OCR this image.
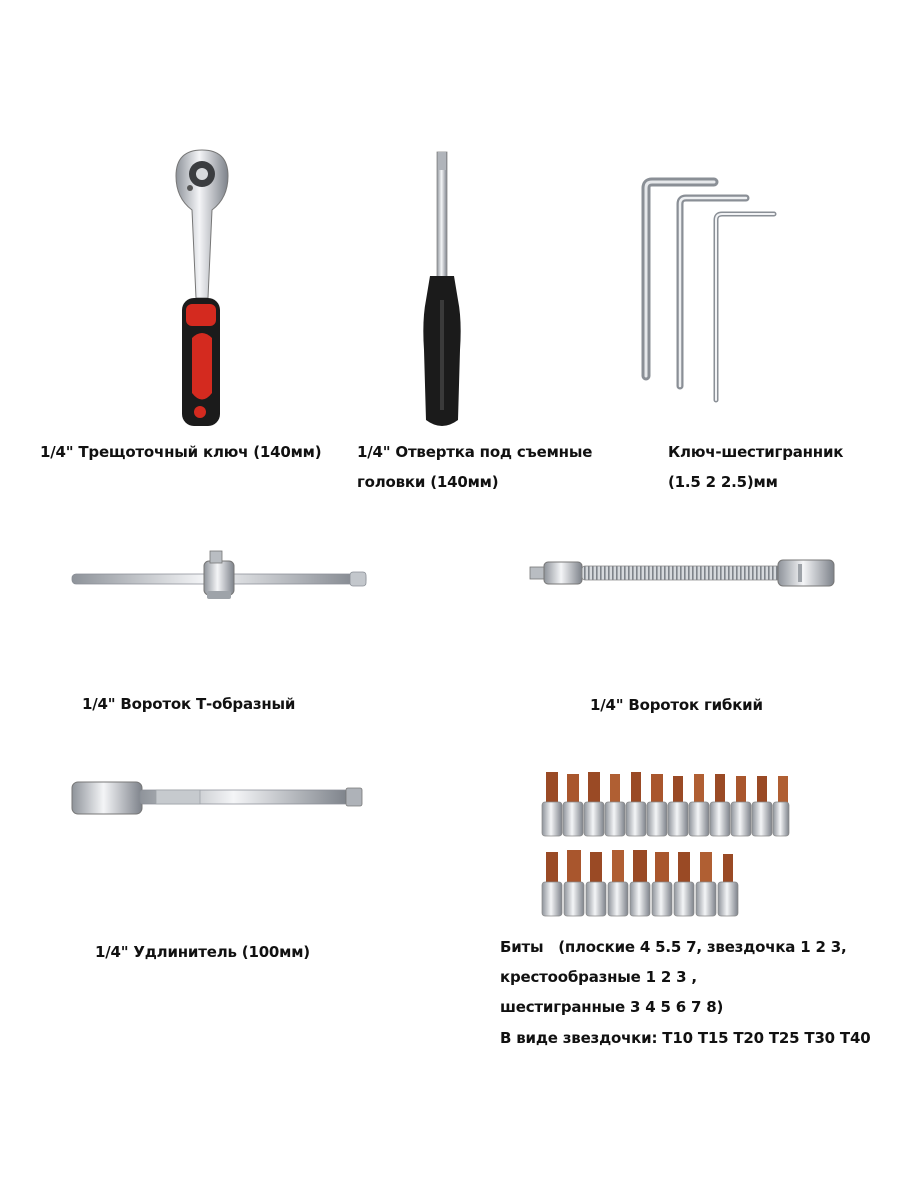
1/4" Трещоточный ключ (140мм) 1/4" Отвертка под съемные
головки (140мм)
Ключ-шестигранник
(1.5 2 2.5)мм
1/4" Вороток Т-образный	1/4" Вороток гибкий
1/4" Удлинитель (100мм)	Биты　(плоские 4 5.5 7, звездочка 1 2 3,
крестообразные 1 2 3 ,
шестигранные 3 4 5 6 7 8)
В виде звездочки: Т10 Т15 Т20 Т25 Т30 Т40
